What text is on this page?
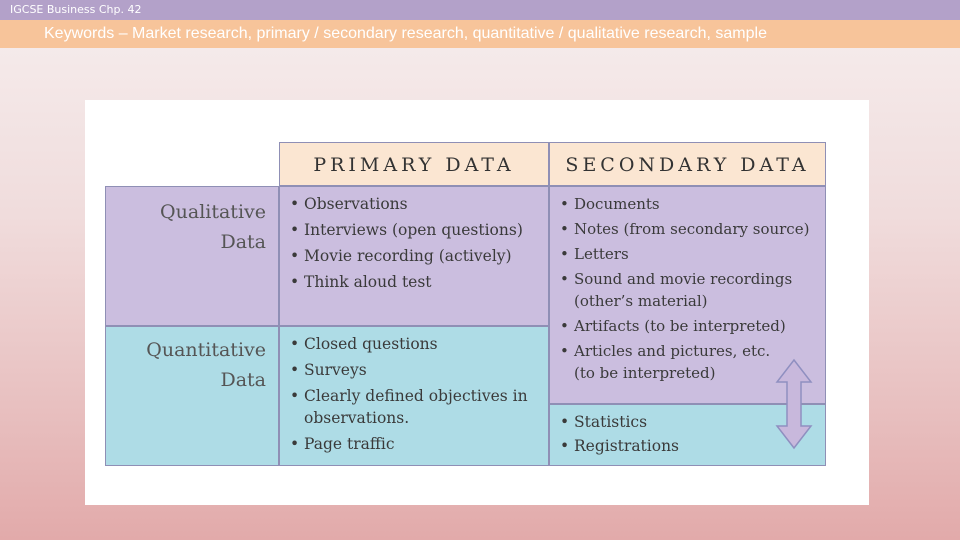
IGCSE Business Chp. 42
Keywords – Market research, primary / secondary research, quantitative / qualitative research, sample
PRIMARY DATA	SECONDARY DATA
Qualitative
Data
Quantitative
Data
• Observations
• Interviews (open questions)
• Movie recording (actively)
• Think aloud test
• Closed questions
• Surveys
• Clearly defined objectives in observations.
• Page traffic
• Documents
• Notes (from secondary source)
• Letters
• Sound and movie recordings (other’s material)
• Artifacts (to be interpreted)
• Articles and pictures, etc. (to be interpreted)
• Statistics
• Registrations
